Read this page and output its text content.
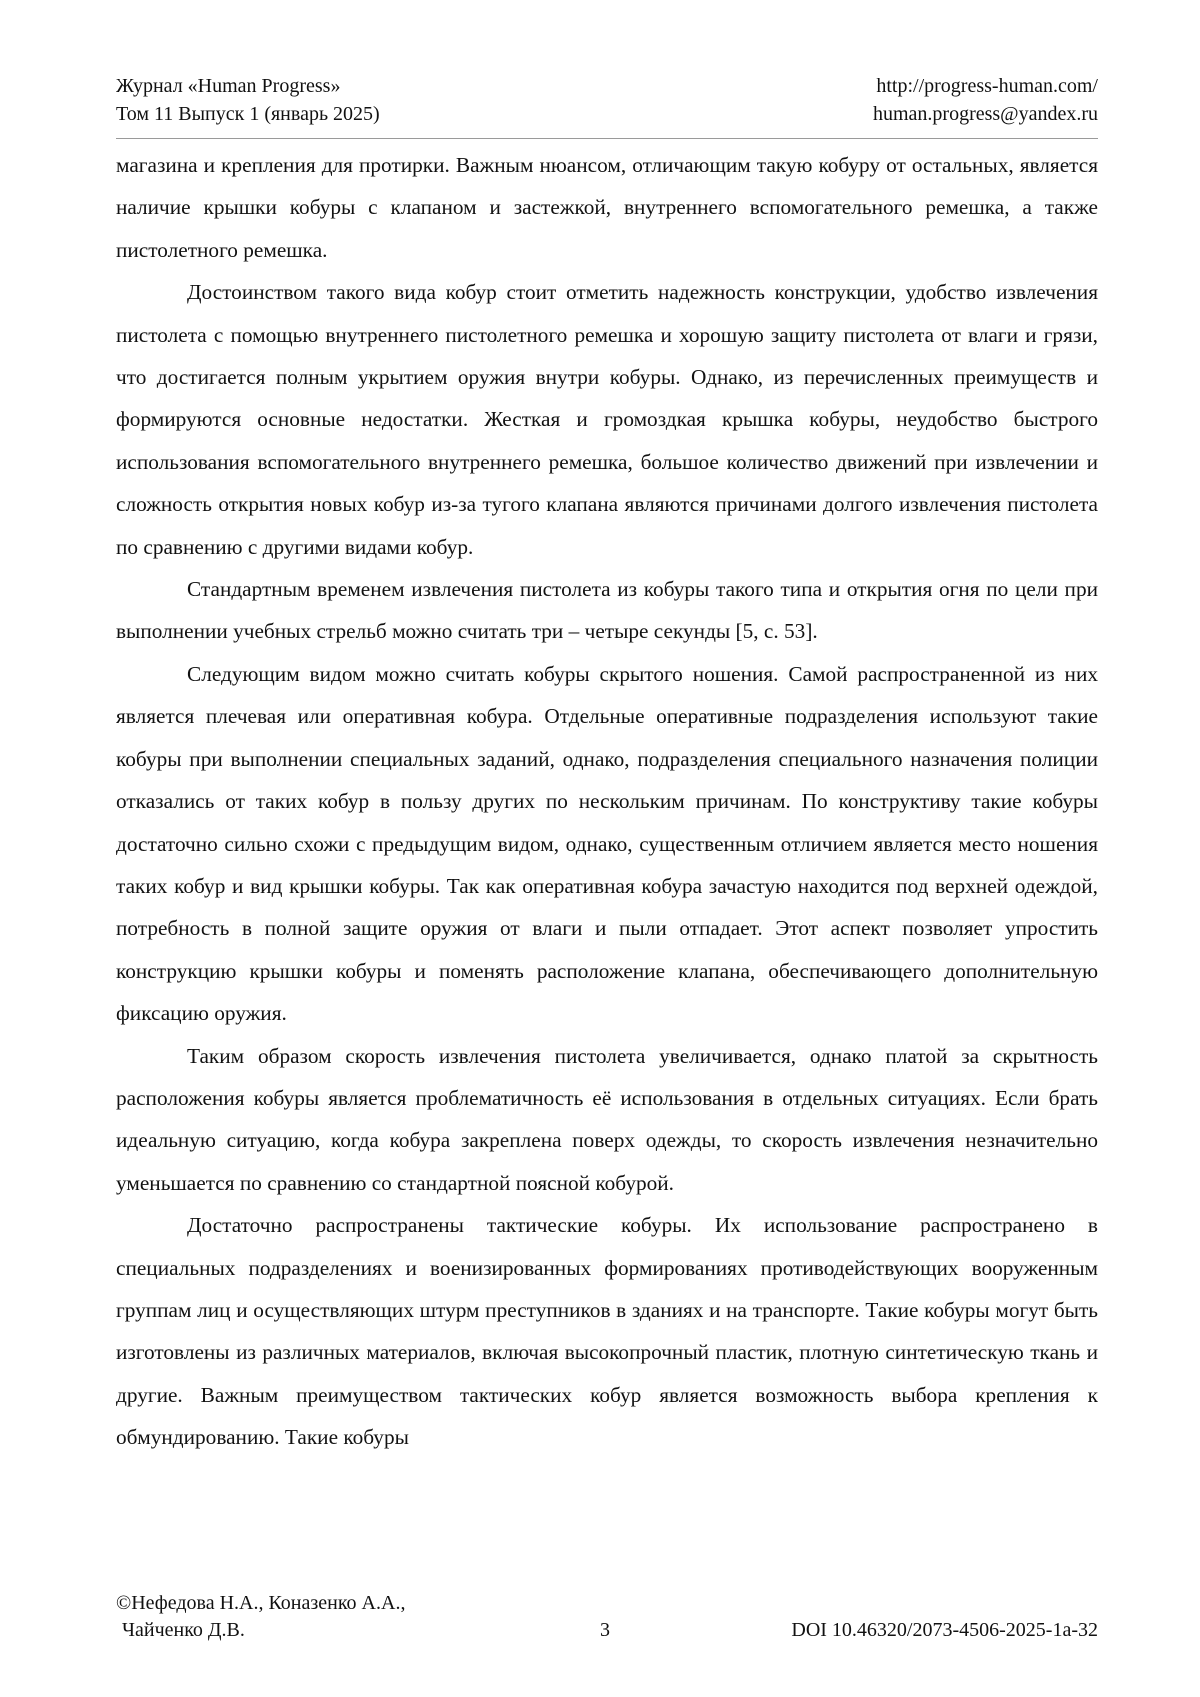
Журнал «Human Progress»
Том 11 Выпуск 1 (январь 2025)
http://progress-human.com/
human.progress@yandex.ru

магазина и крепления для протирки. Важным нюансом, отличающим такую кобуру от остальных, является наличие крышки кобуры с клапаном и застежкой, внутреннего вспомогательного ремешка, а также пистолетного ремешка.

Достоинством такого вида кобур стоит отметить надежность конструкции, удобство извлечения пистолета с помощью внутреннего пистолетного ремешка и хорошую защиту пистолета от влаги и грязи, что достигается полным укрытием оружия внутри кобуры. Однако, из перечисленных преимуществ и формируются основные недостатки. Жесткая и громоздкая крышка кобуры, неудобство быстрого использования вспомогательного внутреннего ремешка, большое количество движений при извлечении и сложность открытия новых кобур из-за тугого клапана являются причинами долгого извлечения пистолета по сравнению с другими видами кобур.

Стандартным временем извлечения пистолета из кобуры такого типа и открытия огня по цели при выполнении учебных стрельб можно считать три – четыре секунды [5, с. 53].

Следующим видом можно считать кобуры скрытого ношения. Самой распространенной из них является плечевая или оперативная кобура. Отдельные оперативные подразделения используют такие кобуры при выполнении специальных заданий, однако, подразделения специального назначения полиции отказались от таких кобур в пользу других по нескольким причинам. По конструктиву такие кобуры достаточно сильно схожи с предыдущим видом, однако, существенным отличием является место ношения таких кобур и вид крышки кобуры. Так как оперативная кобура зачастую находится под верхней одеждой, потребность в полной защите оружия от влаги и пыли отпадает. Этот аспект позволяет упростить конструкцию крышки кобуры и поменять расположение клапана, обеспечивающего дополнительную фиксацию оружия.

Таким образом скорость извлечения пистолета увеличивается, однако платой за скрытность расположения кобуры является проблематичность её использования в отдельных ситуациях. Если брать идеальную ситуацию, когда кобура закреплена поверх одежды, то скорость извлечения незначительно уменьшается по сравнению со стандартной поясной кобурой.

Достаточно распространены тактические кобуры. Их использование распространено в специальных подразделениях и военизированных формированиях противодействующих вооруженным группам лиц и осуществляющих штурм преступников в зданиях и на транспорте. Такие кобуры могут быть изготовлены из различных материалов, включая высокопрочный пластик, плотную синтетическую ткань и другие. Важным преимуществом тактических кобур является возможность выбора крепления к обмундированию. Такие кобуры

©Нефедова Н.А., Коназенко А.А.,
Чайченко Д.В.	3	DOI 10.46320/2073-4506-2025-1a-32
